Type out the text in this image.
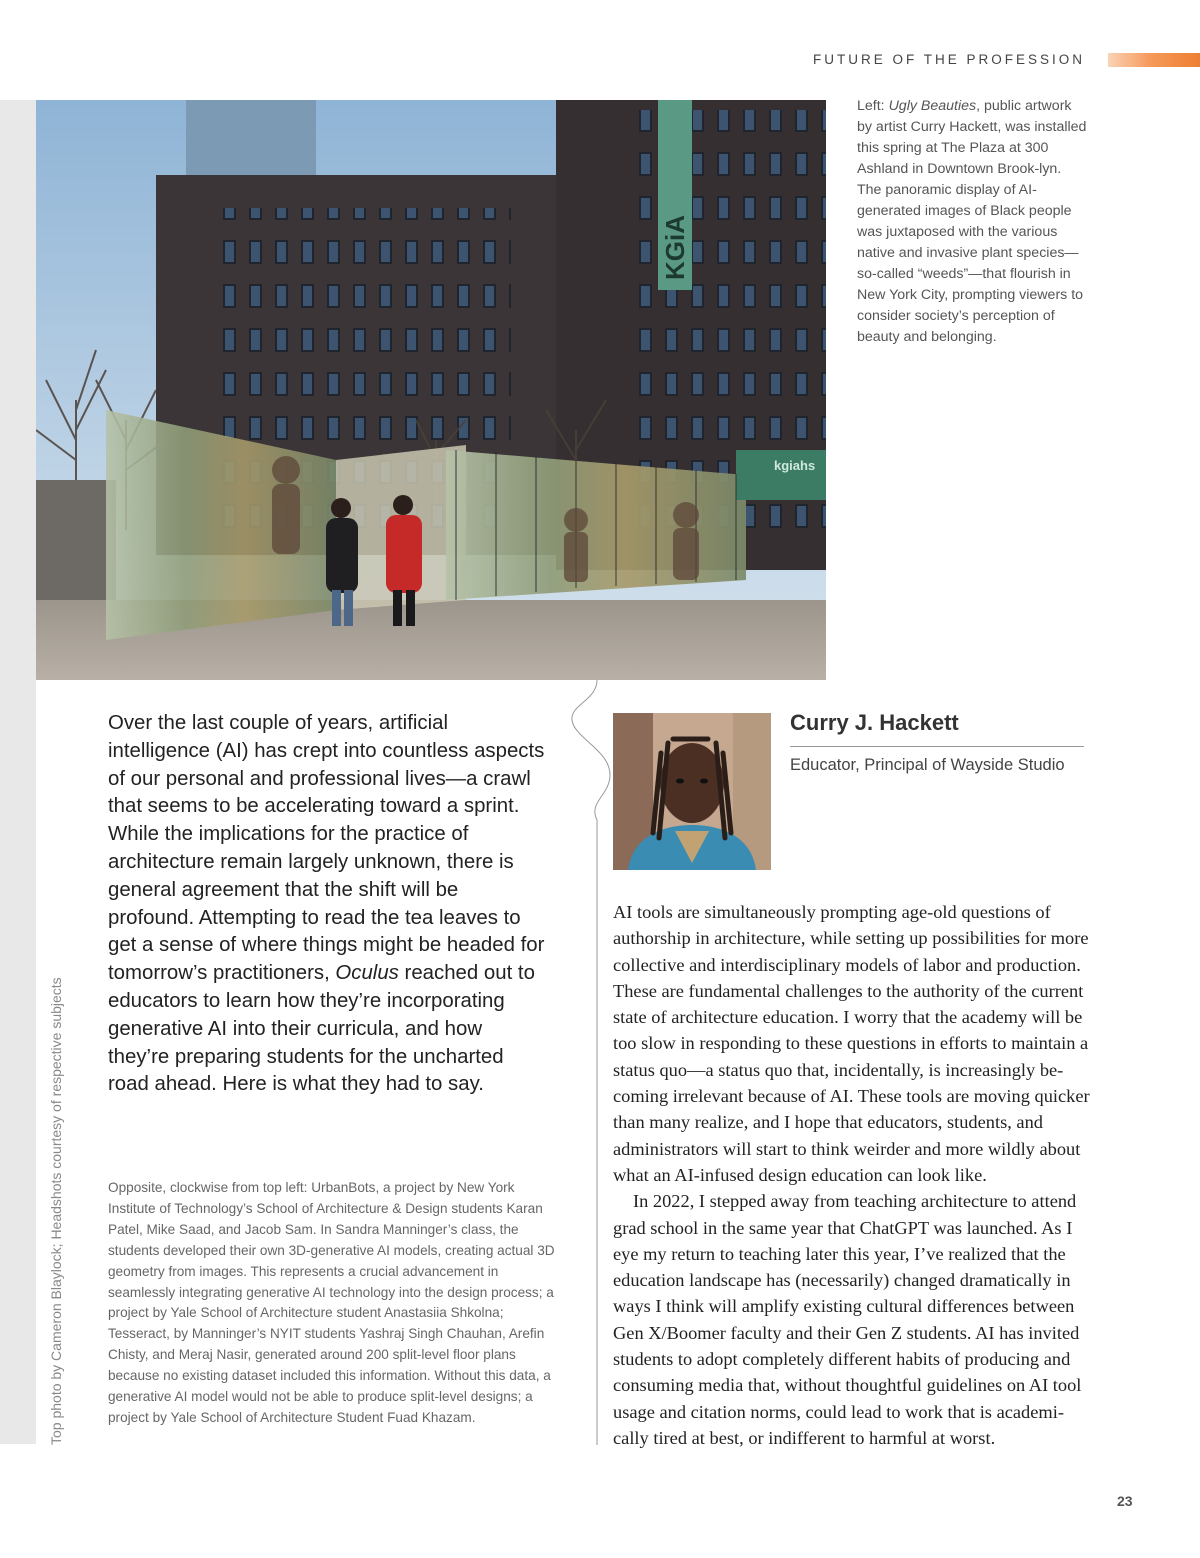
FUTURE OF THE PROFESSION
Top photo by Cameron Blaylock; Headshots courtesy of respective subjects
KGiA
kgiahs
Left: Ugly Beauties, public artwork by artist Curry Hackett, was installed this spring at The Plaza at 300 Ashland in Downtown Brook-lyn. The panoramic display of AI-generated images of Black people was juxtaposed with the various native and invasive plant species—so-called “weeds”—that flourish in New York City, prompting viewers to consider society’s perception of beauty and belonging.
Over the last couple of years, artificial intelligence (AI) has crept into countless aspects of our personal and professional lives—a crawl that seems to be accelerating toward a sprint. While the implications for the practice of architecture remain largely unknown, there is general agreement that the shift will be profound. Attempting to read the tea leaves to get a sense of where things might be headed for tomorrow’s practitioners, Oculus reached out to educators to learn how they’re incorporating generative AI into their curricula, and how they’re preparing students for the uncharted road ahead. Here is what they had to say.
Opposite, clockwise from top left: UrbanBots, a project by New York Institute of Technology’s School of Architecture & Design students Karan Patel, Mike Saad, and Jacob Sam. In Sandra Manninger’s class, the students developed their own 3D-generative AI models, creating actual 3D geometry from images. This represents a crucial advancement in seamlessly integrating generative AI technology into the design process; a project by Yale School of Architecture student Anastasiia Shkolna; Tesseract, by Manninger’s NYIT students Yashraj Singh Chauhan, Arefin Chisty, and Meraj Nasir, generated around 200 split-level floor plans because no existing dataset included this information. Without this data, a generative AI model would not be able to produce split-level designs; a project by Yale School of Architecture Student Fuad Khazam.
Curry J. Hackett
Educator, Principal of Wayside Studio

AI tools are simultaneously prompting age-old questions of authorship in architecture, while setting up possibilities for more collective and interdisciplinary models of labor and production. These are fundamental challenges to the authority of the current state of architecture education. I worry that the academy will be too slow in responding to these questions in efforts to maintain a status quo—a status quo that, incidentally, is increasingly be-coming irrelevant because of AI. These tools are moving quicker than many realize, and I hope that educators, students, and administrators will start to think weirder and more wildly about what an AI-infused design education can look like.

In 2022, I stepped away from teaching architecture to attend grad school in the same year that ChatGPT was launched. As I eye my return to teaching later this year, I’ve realized that the education landscape has (necessarily) changed dramatically in ways I think will amplify existing cultural differences between Gen X/Boomer faculty and their Gen Z students. AI has invited students to adopt completely different habits of producing and consuming media that, without thoughtful guidelines on AI tool usage and citation norms, could lead to work that is academi-cally tired at best, or indifferent to harmful at worst.

23
